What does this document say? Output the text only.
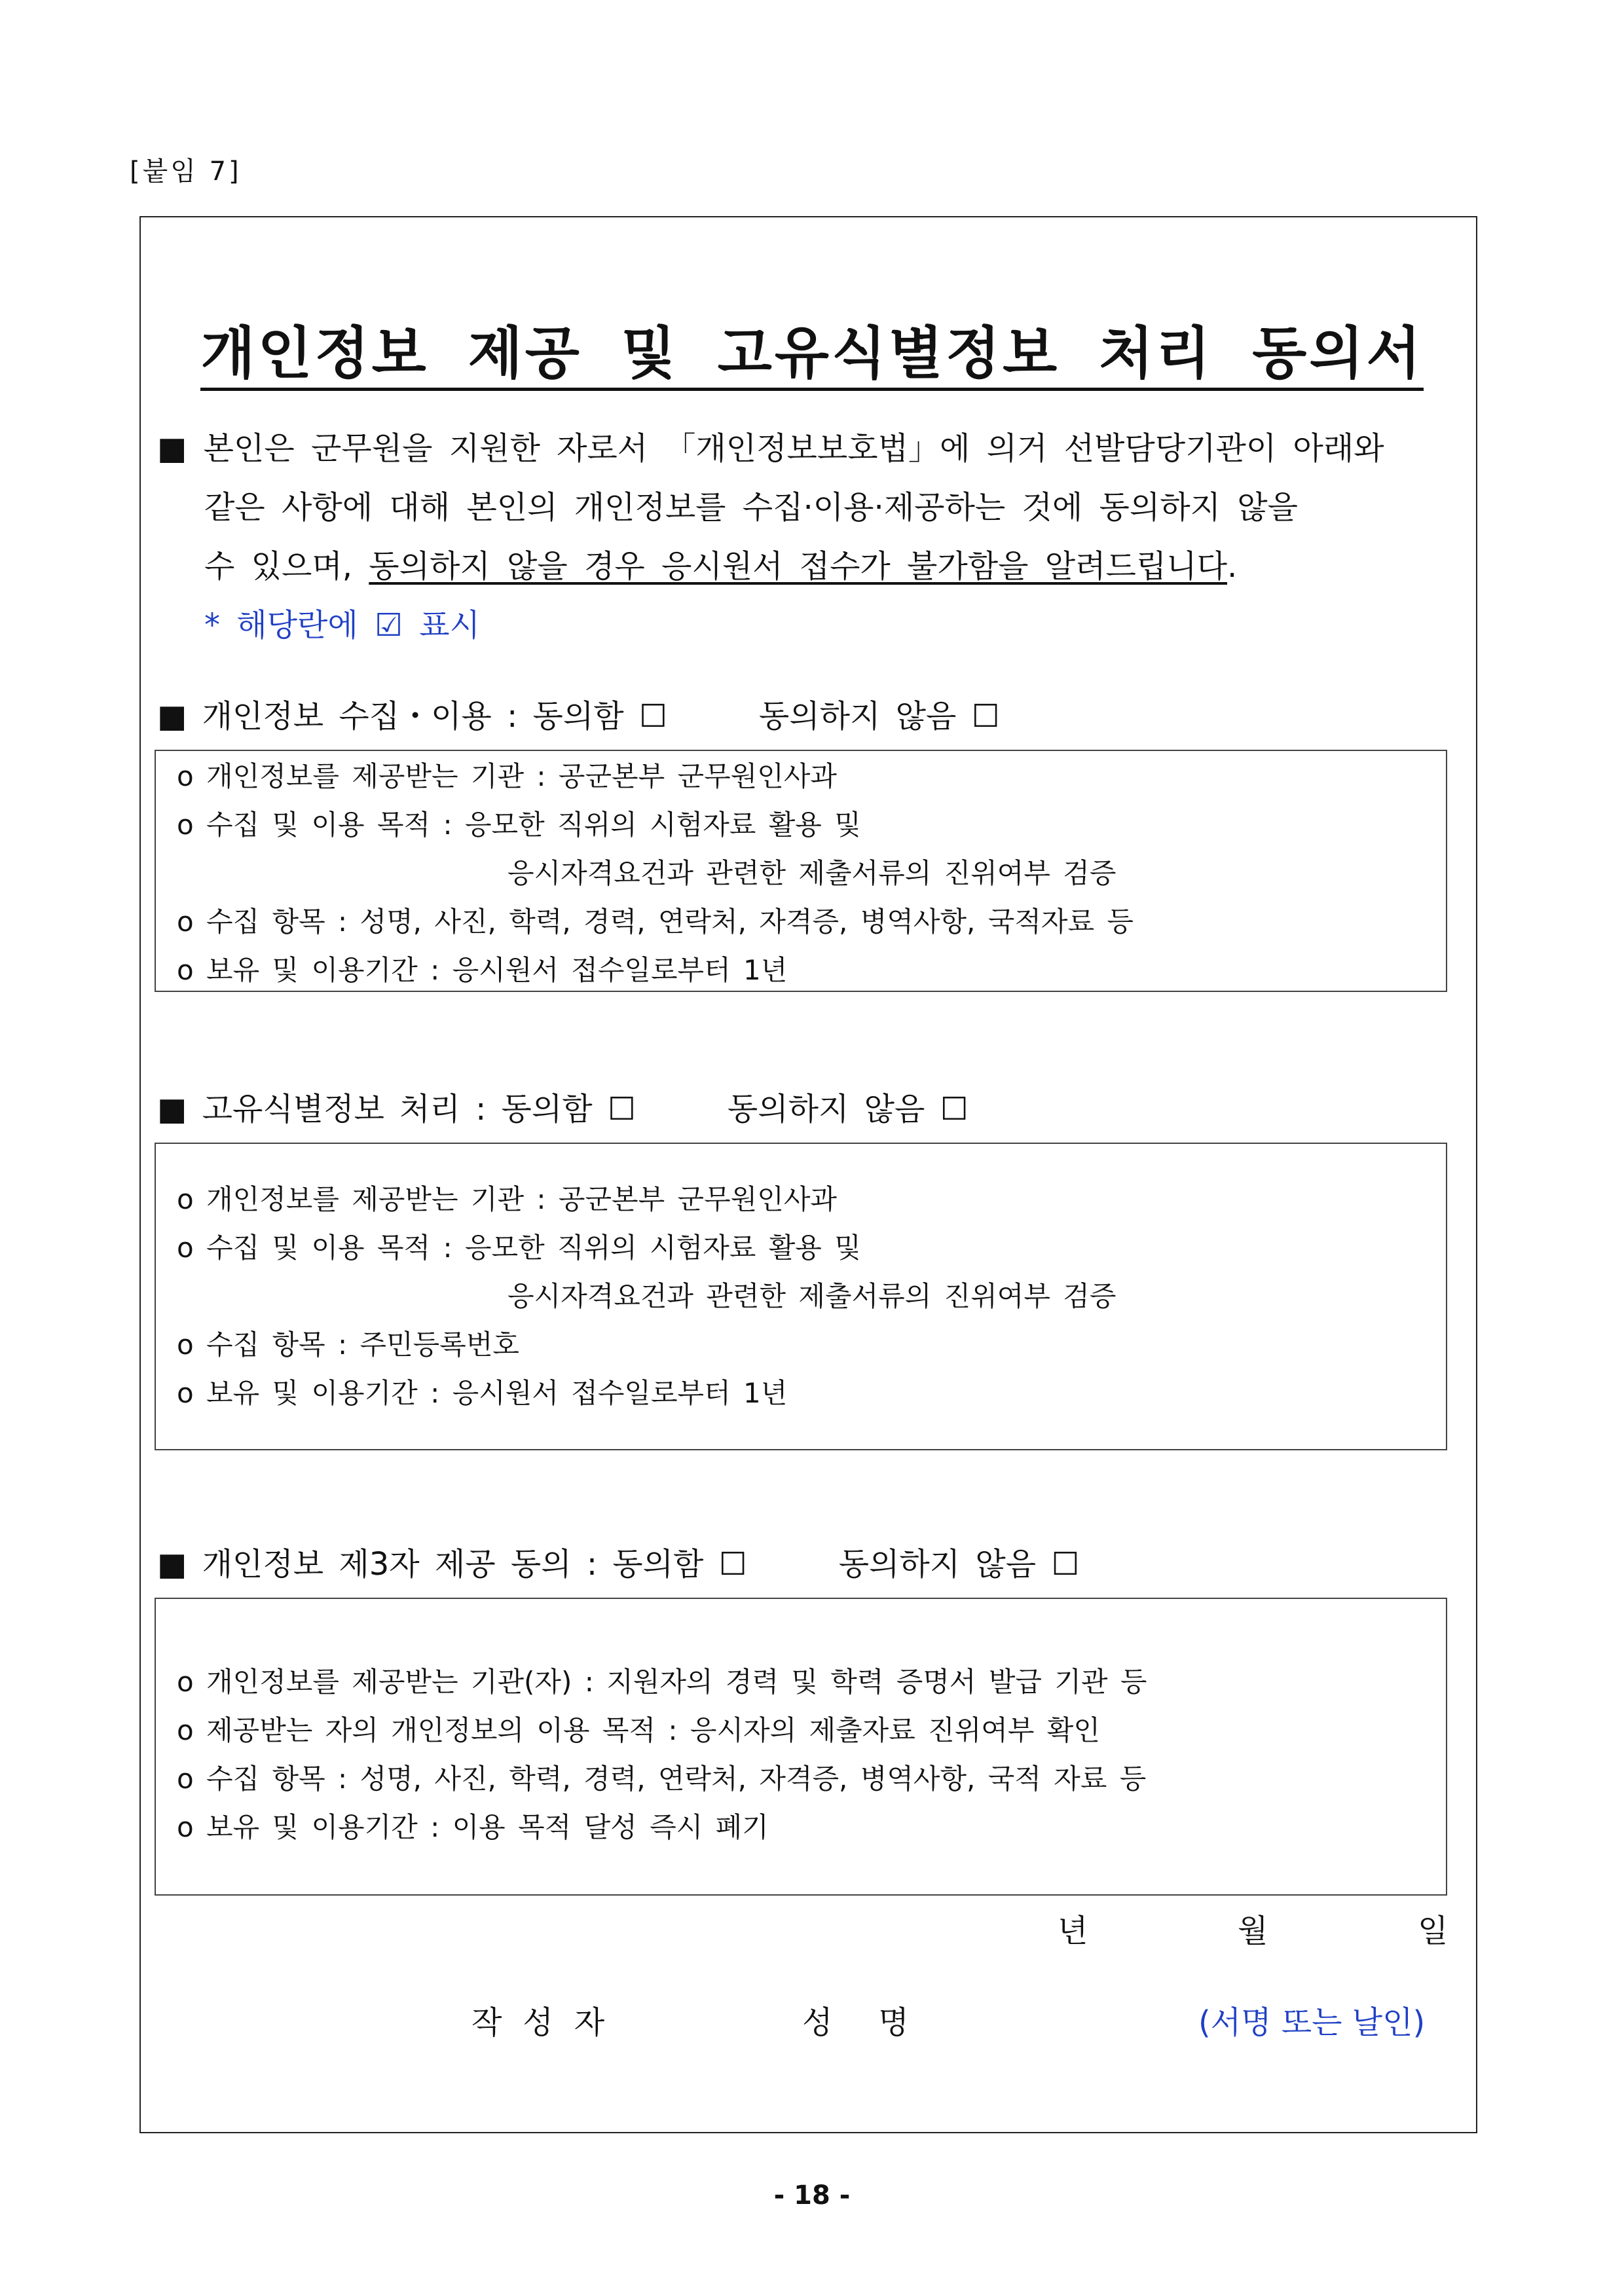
[붙임 7]
개인정보 제공 및 고유식별정보 처리 동의서
■ 본인은 군무원을 지원한 자로서 「개인정보보호법」에 의거 선발담당기관이 아래와
같은 사항에 대해 본인의 개인정보를 수집·이용·제공하는 것에 동의하지 않을
수 있으며, 동의하지 않을 경우 응시원서 접수가 불가함을 알려드립니다.
* 해당란에 ☑ 표시
■ 개인정보 수집・이용 : 동의함 ☐	동의하지 않음 ☐
o 개인정보를 제공받는 기관 : 공군본부 군무원인사과
o 수집 및 이용 목적 : 응모한 직위의 시험자료 활용 및
응시자격요건과 관련한 제출서류의 진위여부 검증
o 수집 항목 : 성명, 사진, 학력, 경력, 연락처, 자격증, 병역사항, 국적자료 등
o 보유 및 이용기간 : 응시원서 접수일로부터 1년
■ 고유식별정보 처리 : 동의함 ☐	동의하지 않음 ☐
o 개인정보를 제공받는 기관 : 공군본부 군무원인사과
o 수집 및 이용 목적 : 응모한 직위의 시험자료 활용 및
응시자격요건과 관련한 제출서류의 진위여부 검증
o 수집 항목 : 주민등록번호
o 보유 및 이용기간 : 응시원서 접수일로부터 1년
■ 개인정보 제3자 제공 동의 : 동의함 ☐	동의하지 않음 ☐
o 개인정보를 제공받는 기관(자) : 지원자의 경력 및 학력 증명서 발급 기관 등
o 제공받는 자의 개인정보의 이용 목적 : 응시자의 제출자료 진위여부 확인
o 수집 항목 : 성명, 사진, 학력, 경력, 연락처, 자격증, 병역사항, 국적 자료 등
o 보유 및 이용기간 : 이용 목적 달성 즉시 폐기
년	월	일
작성자	성명	(서명 또는 날인)
- 18 -
